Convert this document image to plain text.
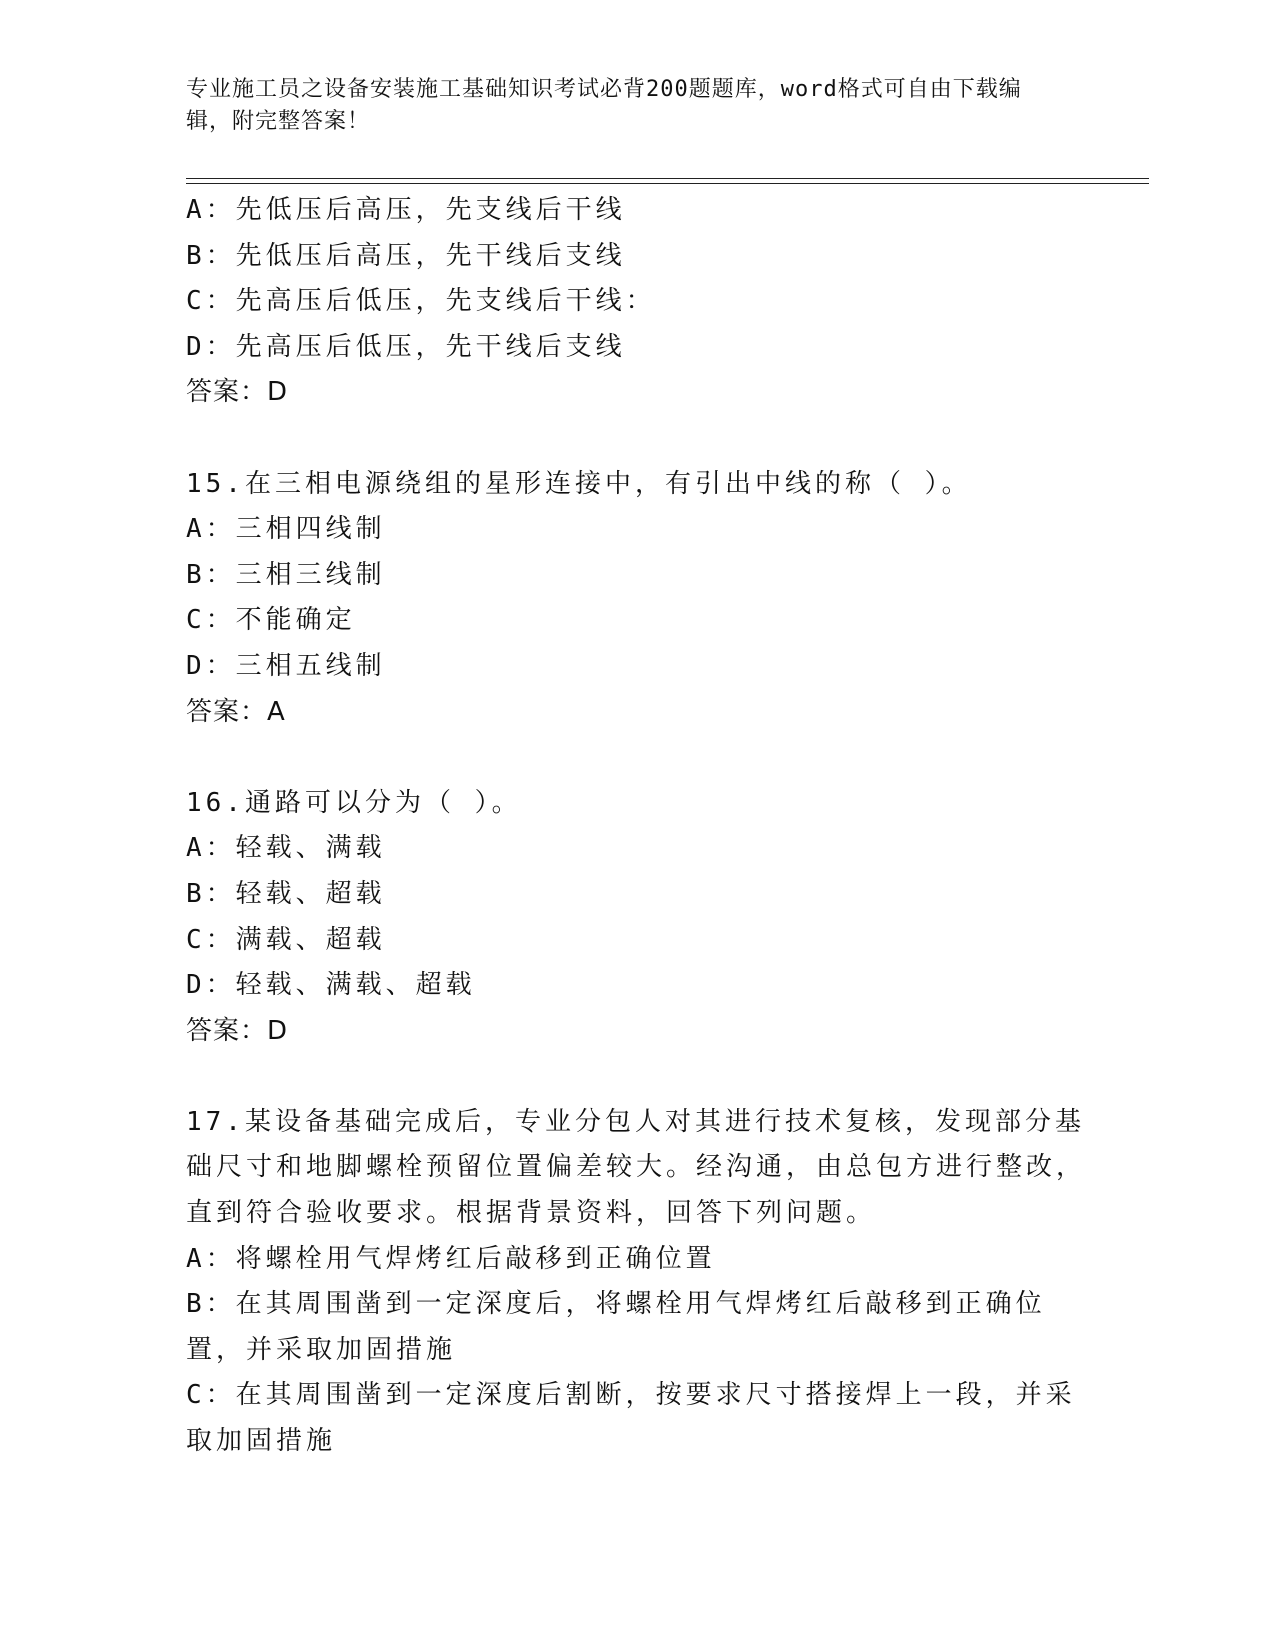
专业施工员之设备安装施工基础知识考试必背200题题库，word格式可自由下载编辑，附完整答案！
A：先低压后高压，先支线后干线
B：先低压后高压，先干线后支线
C：先高压后低压，先支线后干线：
D：先高压后低压，先干线后支线
答案：D
15.在三相电源绕组的星形连接中，有引出中线的称（ ）。
A：三相四线制
B：三相三线制
C：不能确定
D：三相五线制
答案：A
16.通路可以分为（ ）。
A：轻载、满载
B：轻载、超载
C：满载、超载
D：轻载、满载、超载
答案：D
17.某设备基础完成后，专业分包人对其进行技术复核，发现部分基础尺寸和地脚螺栓预留位置偏差较大。经沟通，由总包方进行整改，直到符合验收要求。根据背景资料，回答下列问题。
A：将螺栓用气焊烤红后敲移到正确位置
B：在其周围凿到一定深度后，将螺栓用气焊烤红后敲移到正确位置，并采取加固措施
C：在其周围凿到一定深度后割断，按要求尺寸搭接焊上一段，并采取加固措施
